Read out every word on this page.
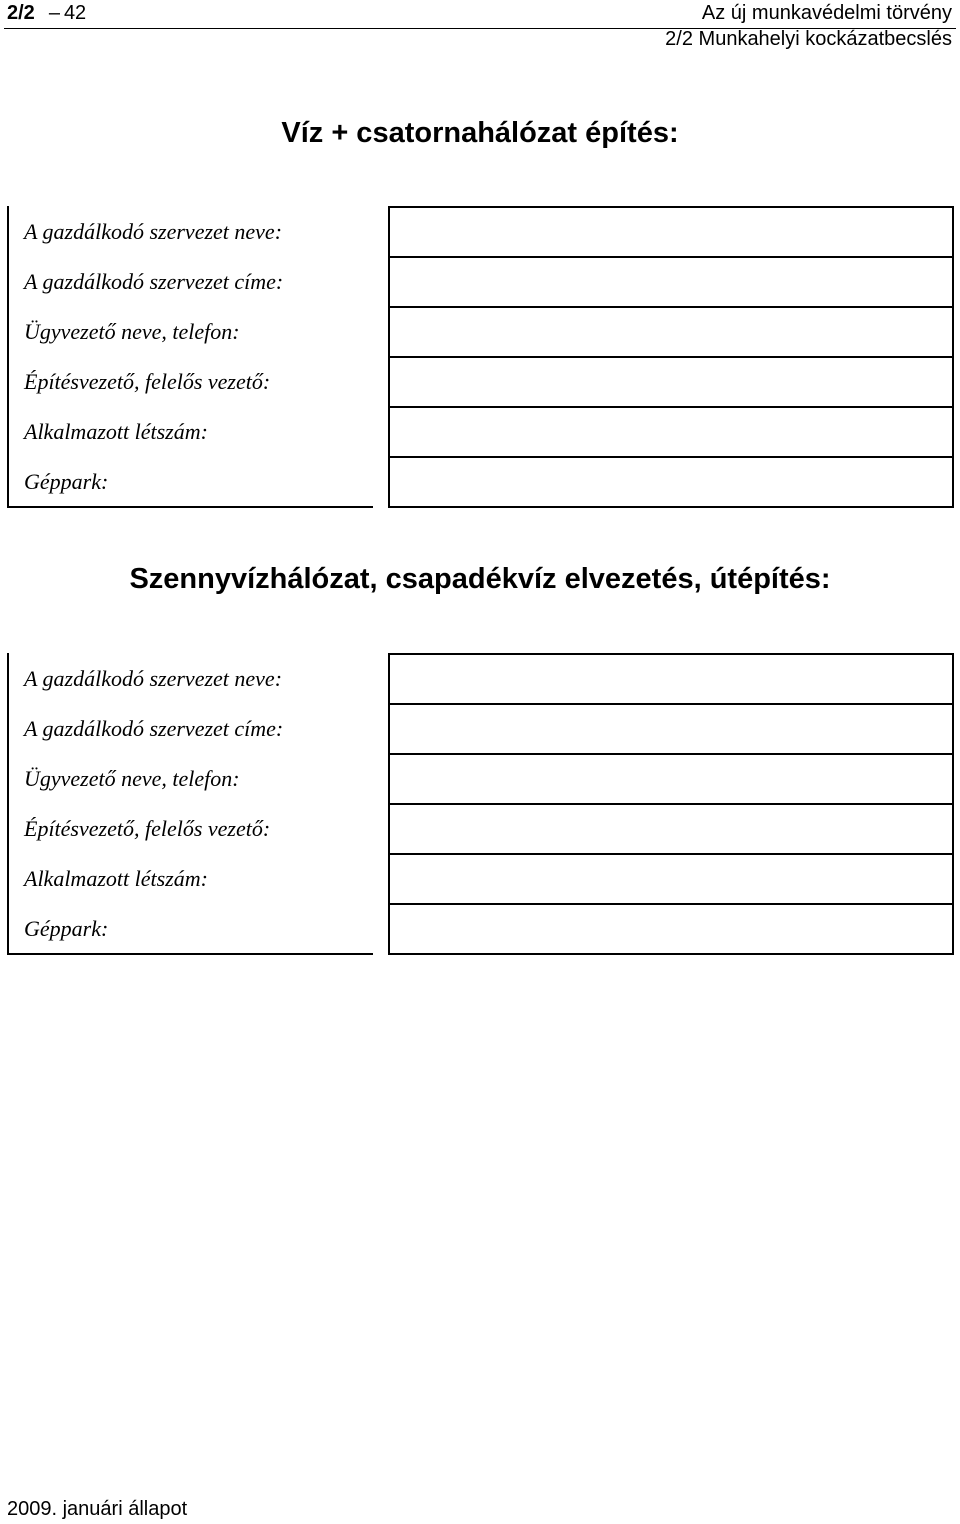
2/2 – 42	Az új munkavédelmi törvény
2/2 Munkahelyi kockázatbecslés
Víz + csatornahálózat építés:
A gazdálkodó szervezet neve:	
A gazdálkodó szervezet címe:	
Ügyvezető neve, telefon:	
Építésvezető, felelős vezető:	
Alkalmazott létszám:	
Géppark:	
Szennyvízhálózat, csapadékvíz elvezetés, útépítés:
A gazdálkodó szervezet neve:	
A gazdálkodó szervezet címe:	
Ügyvezető neve, telefon:	
Építésvezető, felelős vezető:	
Alkalmazott létszám:	
Géppark:	
2009. januári állapot
